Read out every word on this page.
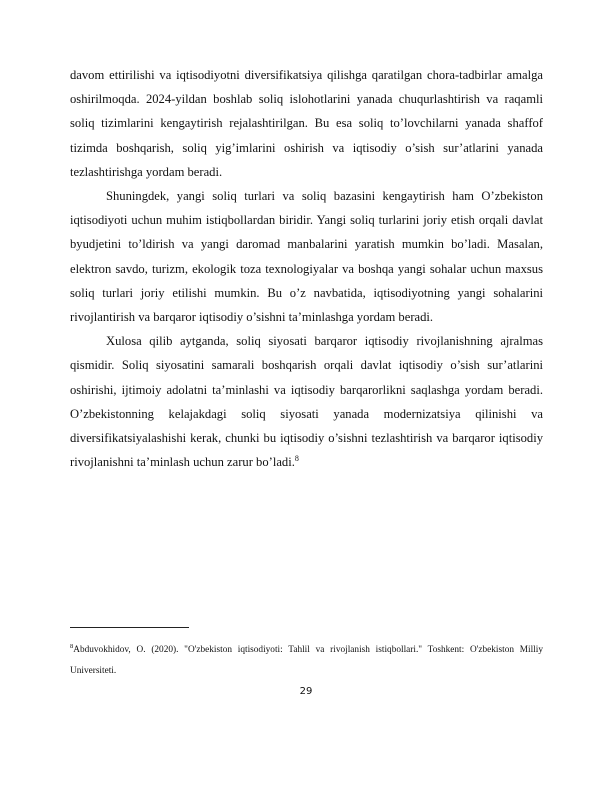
davom ettirilishi va iqtisodiyotni diversifikatsiya qilishga qaratilgan chora-tadbirlar amalga oshirilmoqda. 2024-yildan boshlab soliq islohotlarini yanada chuqurlashtirish va raqamli soliq tizimlarini kengaytirish rejalashtirilgan. Bu esa soliq to’lovchilarni yanada shaffof tizimda boshqarish, soliq yig’imlarini oshirish va iqtisodiy o’sish sur’atlarini yanada tezlashtirishga yordam beradi.

Shuningdek, yangi soliq turlari va soliq bazasini kengaytirish ham O’zbekiston iqtisodiyoti uchun muhim istiqbollardan biridir. Yangi soliq turlarini joriy etish orqali davlat byudjetini to’ldirish va yangi daromad manbalarini yaratish mumkin bo’ladi. Masalan, elektron savdo, turizm, ekologik toza texnologiyalar va boshqa yangi sohalar uchun maxsus soliq turlari joriy etilishi mumkin. Bu o’z navbatida, iqtisodiyotning yangi sohalarini rivojlantirish va barqaror iqtisodiy o’sishni ta’minlashga yordam beradi.

Xulosa qilib aytganda, soliq siyosati barqaror iqtisodiy rivojlanishning ajralmas qismidir. Soliq siyosatini samarali boshqarish orqali davlat iqtisodiy o’sish sur’atlarini oshirishi, ijtimoiy adolatni ta’minlashi va iqtisodiy barqarorlikni saqlashga yordam beradi. O’zbekistonning kelajakdagi soliq siyosati yanada modernizatsiya qilinishi va diversifikatsiyalashishi kerak, chunki bu iqtisodiy o’sishni tezlashtirish va barqaror iqtisodiy rivojlanishni ta’minlash uchun zarur bo’ladi.$^8$

$^8$Abduvokhidov, O. (2020). "O'zbekiston iqtisodiyoti: Tahlil va rivojlanish istiqbollari." Toshkent: O'zbekiston Milliy Universiteti.

29
